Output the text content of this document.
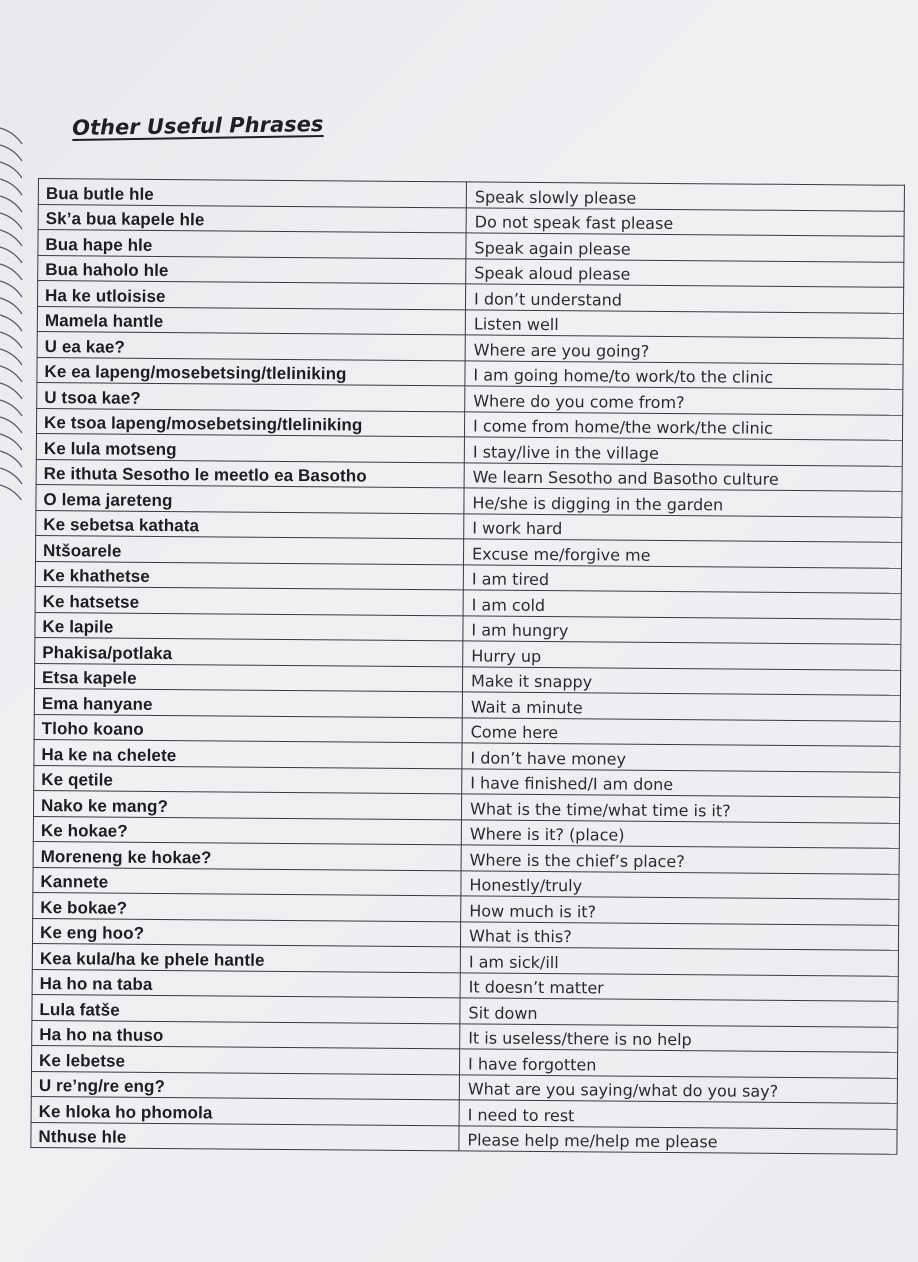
Other Useful Phrases
Bua butle hle	Speak slowly please
Sk’a bua kapele hle	Do not speak fast please
Bua hape hle	Speak again please
Bua haholo hle	Speak aloud please
Ha ke utloisise	I don’t understand
Mamela hantle	Listen well
U ea kae?	Where are you going?
Ke ea lapeng/mosebetsing/tleliniking	I am going home/to work/to the clinic
U tsoa kae?	Where do you come from?
Ke tsoa lapeng/mosebetsing/tleliniking	I come from home/the work/the clinic
Ke lula motseng	I stay/live in the village
Re ithuta Sesotho le meetlo ea Basotho	We learn Sesotho and Basotho culture
O lema jareteng	He/she is digging in the garden
Ke sebetsa kathata	I work hard
Ntšoarele	Excuse me/forgive me
Ke khathetse	I am tired
Ke hatsetse	I am cold
Ke lapile	I am hungry
Phakisa/potlaka	Hurry up
Etsa kapele	Make it snappy
Ema hanyane	Wait a minute
Tloho koano	Come here
Ha ke na chelete	I don’t have money
Ke qetile	I have finished/I am done
Nako ke mang?	What is the time/what time is it?
Ke hokae?	Where is it? (place)
Moreneng ke hokae?	Where is the chief’s place?
Kannete	Honestly/truly
Ke bokae?	How much is it?
Ke eng hoo?	What is this?
Kea kula/ha ke phele hantle	I am sick/ill
Ha ho na taba	It doesn’t matter
Lula fatše	Sit down
Ha ho na thuso	It is useless/there is no help
Ke lebetse	I have forgotten
U re’ng/re eng?	What are you saying/what do you say?
Ke hloka ho phomola	I need to rest
Nthuse hle	Please help me/help me please
